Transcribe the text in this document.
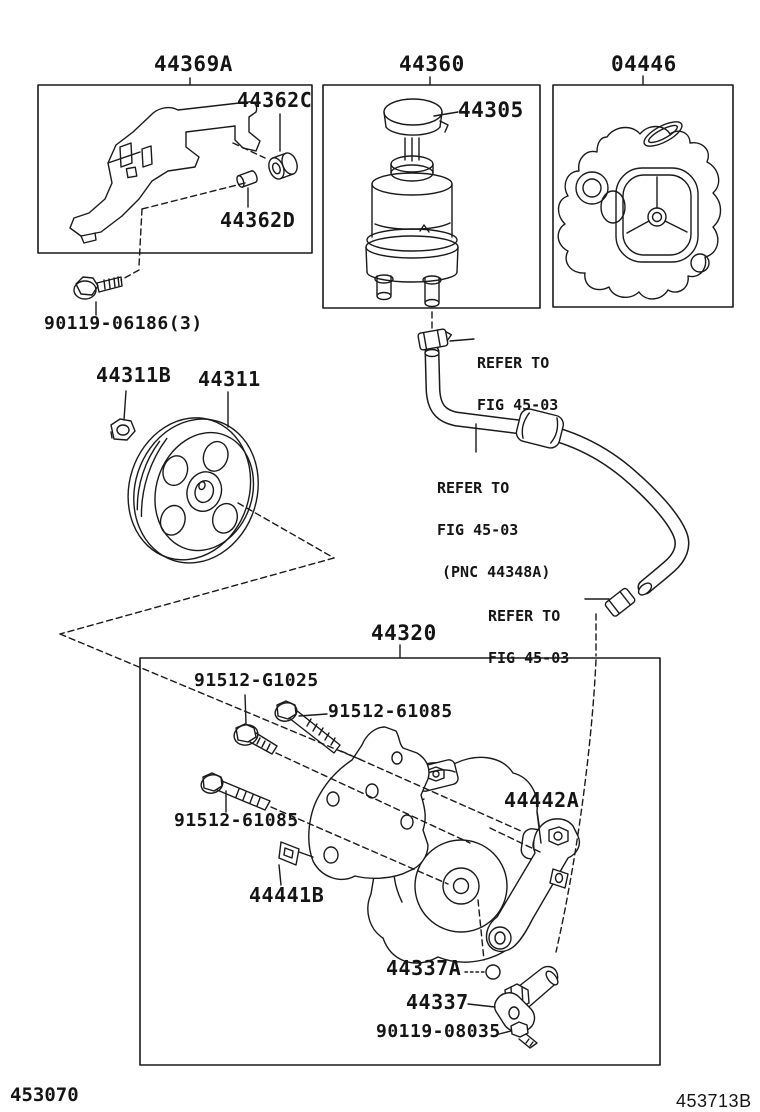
44369A
44362C
44362D
90119-06186(3)
44311B 44311
44360
44305
04446
44320
91512-G1025
91512-61085
91512-61085
44441B
44442A
44337A
44337
90119-08035

REFER TO

FIG 45-03

REFER TO

FIG 45-03

(PNC 44348A)

REFER TO

FIG 45-03

453070	453713B
